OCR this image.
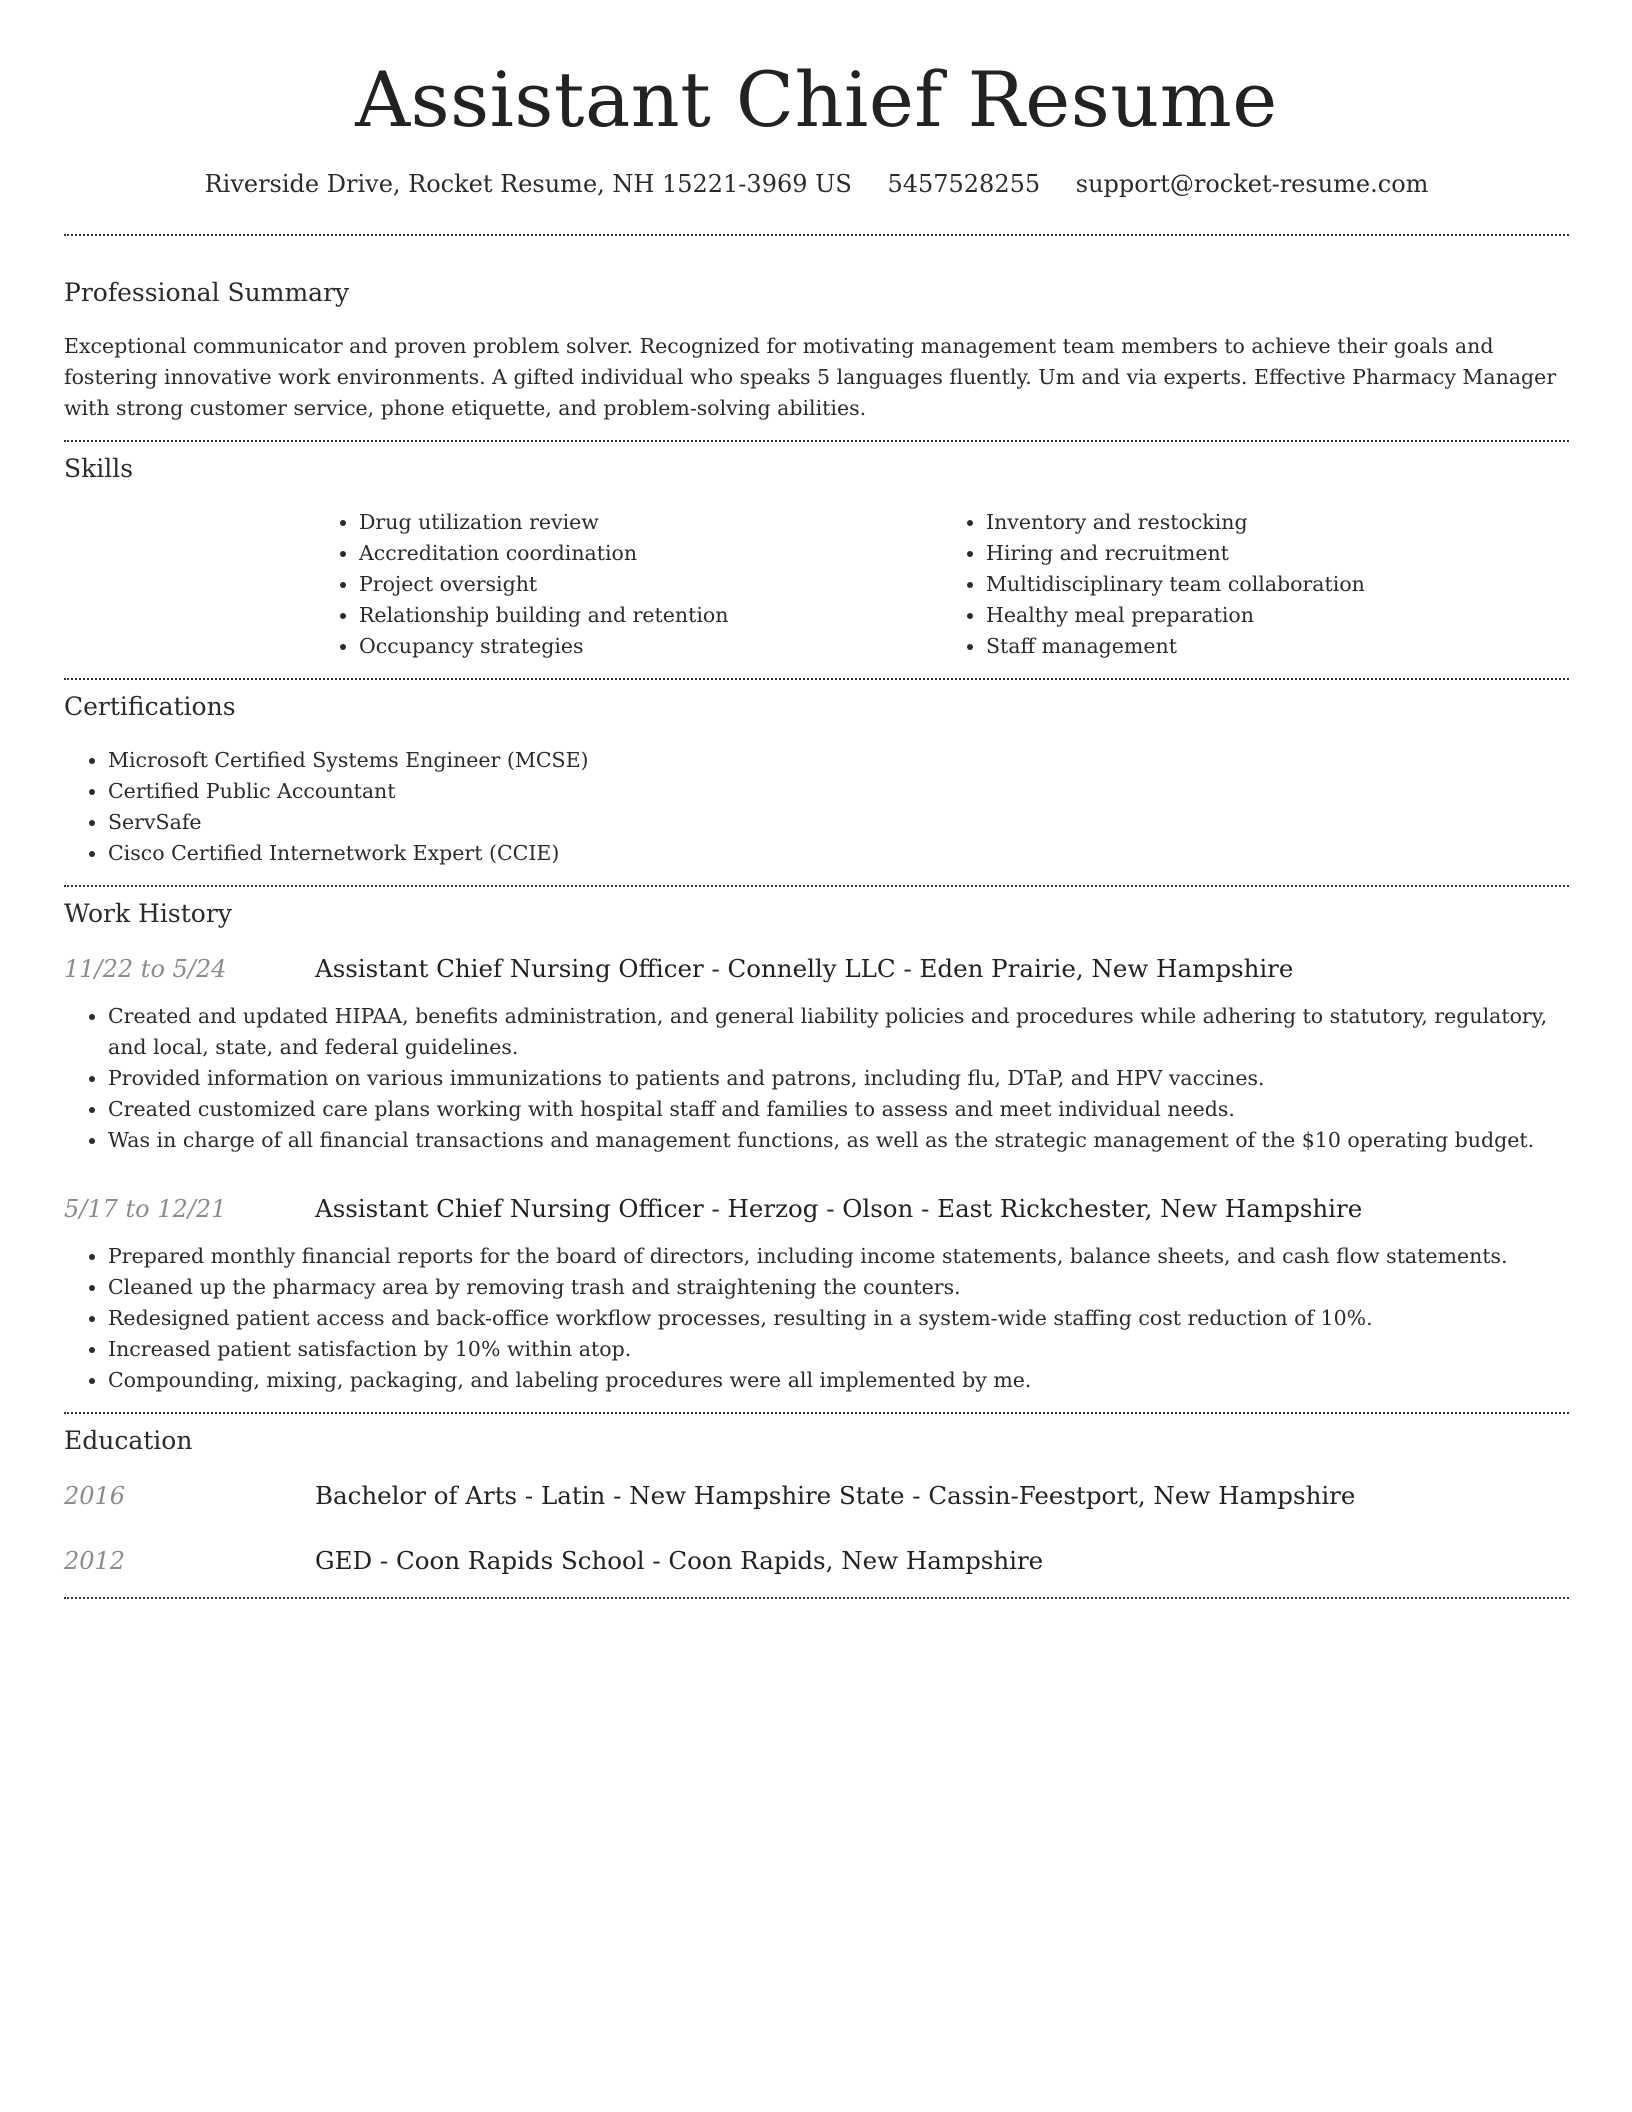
Assistant Chief Resume
Riverside Drive, Rocket Resume, NH 15221-3969 US 5457528255 support@rocket-resume.com
Professional Summary

Exceptional communicator and proven problem solver. Recognized for motivating management team members to achieve their goals and fostering innovative work environments. A gifted individual who speaks 5 languages fluently. Um and via experts. Effective Pharmacy Manager with strong customer service, phone etiquette, and problem-solving abilities.

Skills
• Drug utilization review
• Accreditation coordination
• Project oversight
• Relationship building and retention
• Occupancy strategies
• Inventory and restocking
• Hiring and recruitment
• Multidisciplinary team collaboration
• Healthy meal preparation
• Staff management
Certifications
• Microsoft Certified Systems Engineer (MCSE)
• Certified Public Accountant
• ServSafe
• Cisco Certified Internetwork Expert (CCIE)
Work History
11/22 to 5/24	Assistant Chief Nursing Officer - Connelly LLC - Eden Prairie, New Hampshire
• Created and updated HIPAA, benefits administration, and general liability policies and procedures while adhering to statutory, regulatory, and local, state, and federal guidelines.
• Provided information on various immunizations to patients and patrons, including flu, DTaP, and HPV vaccines.
• Created customized care plans working with hospital staff and families to assess and meet individual needs.
• Was in charge of all financial transactions and management functions, as well as the strategic management of the $10 operating budget.
5/17 to 12/21	Assistant Chief Nursing Officer - Herzog - Olson - East Rickchester, New Hampshire
• Prepared monthly financial reports for the board of directors, including income statements, balance sheets, and cash flow statements.
• Cleaned up the pharmacy area by removing trash and straightening the counters.
• Redesigned patient access and back-office workflow processes, resulting in a system-wide staffing cost reduction of 10%.
• Increased patient satisfaction by 10% within atop.
• Compounding, mixing, packaging, and labeling procedures were all implemented by me.
Education
2016	Bachelor of Arts - Latin - New Hampshire State - Cassin-Feestport, New Hampshire
2012	GED - Coon Rapids School - Coon Rapids, New Hampshire
